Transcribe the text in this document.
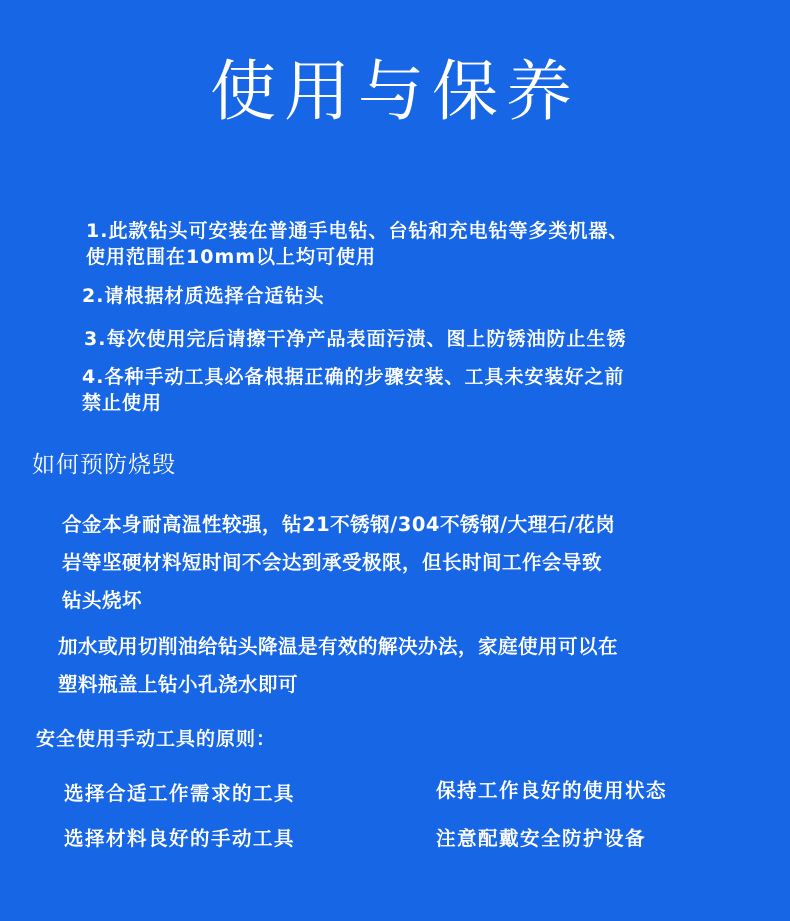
使用与保养
1.此款钻头可安装在普通手电钻、台钻和充电钻等多类机器、
使用范围在10mm以上均可使用
2.请根据材质选择合适钻头
3.每次使用完后请擦干净产品表面污渍、图上防锈油防止生锈
4.各种手动工具必备根据正确的步骤安装、工具未安装好之前
禁止使用
如何预防烧毁
合金本身耐高温性较强，钻21不锈钢/304不锈钢/大理石/花岗
岩等坚硬材料短时间不会达到承受极限，但长时间工作会导致
钻头烧坏
加水或用切削油给钻头降温是有效的解决办法，家庭使用可以在
塑料瓶盖上钻小孔浇水即可
安全使用手动工具的原则：
选择合适工作需求的工具	保持工作良好的使用状态
选择材料良好的手动工具	注意配戴安全防护设备
